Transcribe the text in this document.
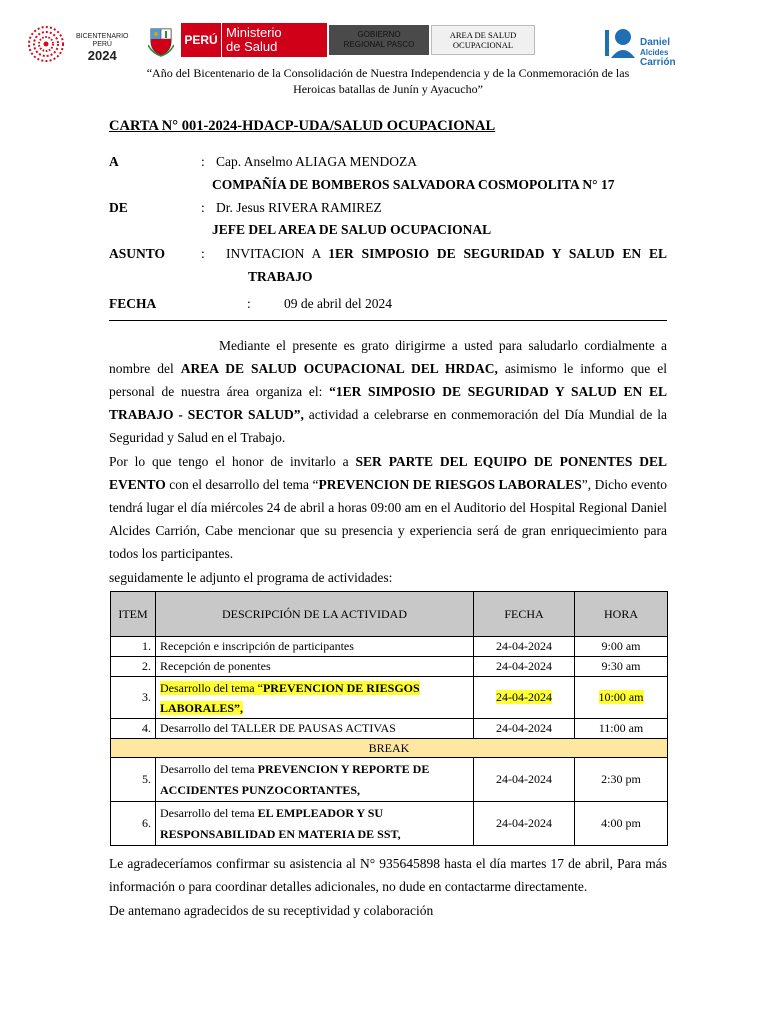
BICENTENARIO
PERÚ
2024
PERÚ Ministerio
de Salud
GOBIERNO
REGIONAL PASCO
AREA DE SALUD
OCUPACIONAL	Daniel
Alcides
Carrión
“Año del Bicentenario de la Consolidación de Nuestra Independencia y de la Conmemoración de las
Heroicas batallas de Junín y Ayacucho”
CARTA N° 001-2024-HDACP-UDA/SALUD OCUPACIONAL
A	: Cap. Anselmo ALIAGA MENDOZA
COMPAÑÍA DE BOMBEROS SALVADORA COSMOPOLITA N° 17
DE	: Dr. Jesus RIVERA RAMIREZ
JEFE DEL AREA DE SALUD OCUPACIONAL
ASUNTO	: INVITACION A 1ER SIMPOSIO DE SEGURIDAD Y SALUD EN EL
TRABAJO
FECHA	: 09 de abril del 2024
Mediante el presente es grato dirigirme a usted para saludarlo cordialmente a nombre del AREA DE SALUD OCUPACIONAL DEL HRDAC, asimismo le informo que el personal de nuestra área organiza el: “1ER SIMPOSIO DE SEGURIDAD Y SALUD EN EL TRABAJO - SECTOR SALUD”, actividad a celebrarse en conmemoración del Día Mundial de la Seguridad y Salud en el Trabajo.
Por lo que tengo el honor de invitarlo a SER PARTE DEL EQUIPO DE PONENTES DEL EVENTO con el desarrollo del tema “PREVENCION DE RIESGOS LABORALES”, Dicho evento tendrá lugar el día miércoles 24 de abril a horas 09:00 am en el Auditorio del Hospital Regional Daniel Alcides Carrión, Cabe mencionar que su presencia y experiencia será de gran enriquecimiento para todos los participantes.
seguidamente le adjunto el programa de actividades:
ITEM	DESCRIPCIÓN DE LA ACTIVIDAD	FECHA	HORA
1.	Recepción e inscripción de participantes	24-04-2024	9:00 am
2.	Recepción de ponentes	24-04-2024	9:30 am
3.	Desarrollo del tema “PREVENCION DE RIESGOS LABORALES”,	24-04-2024	10:00 am
4.	Desarrollo del TALLER DE PAUSAS ACTIVAS	24-04-2024	11:00 am
BREAK			
5.	Desarrollo del tema PREVENCION Y REPORTE DE ACCIDENTES PUNZOCORTANTES,	24-04-2024	2:30 pm
6.	Desarrollo del tema EL EMPLEADOR Y SU RESPONSABILIDAD EN MATERIA DE SST,	24-04-2024	4:00 pm
Le agradeceríamos confirmar su asistencia al N° 935645898 hasta el día martes 17 de abril, Para más información o para coordinar detalles adicionales, no dude en contactarme directamente.
De antemano agradecidos de su receptividad y colaboración
